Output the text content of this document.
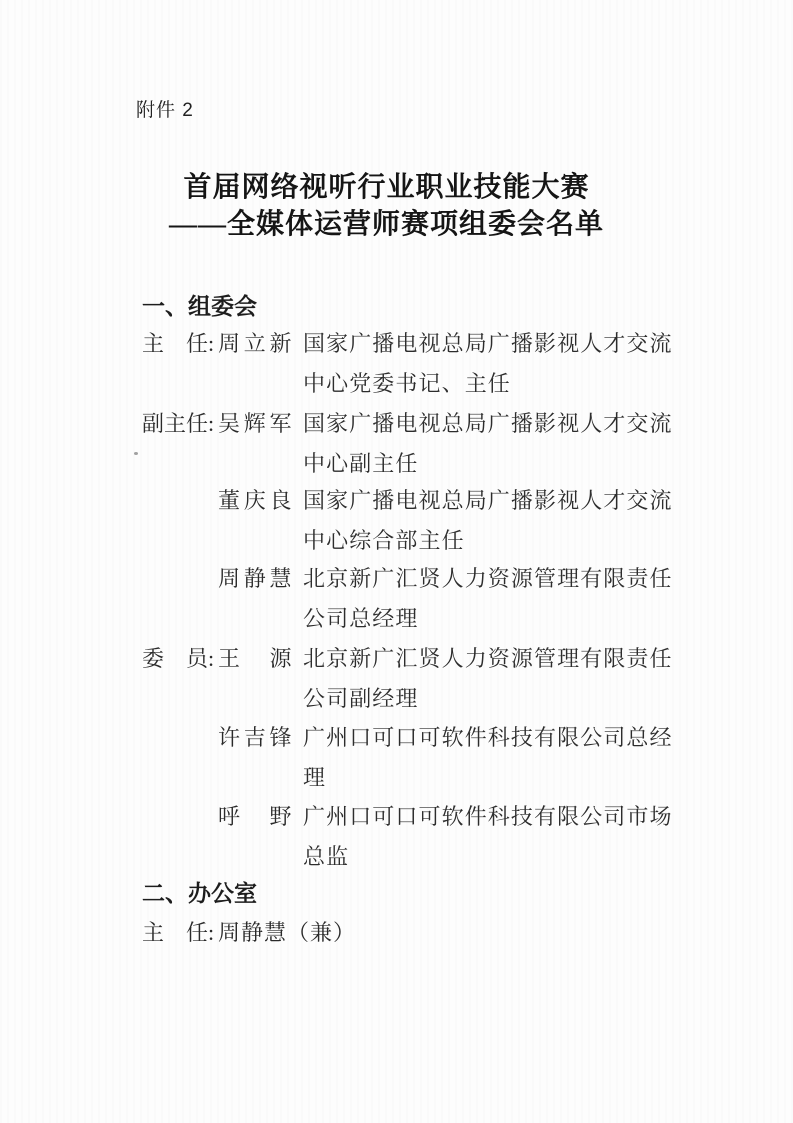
附件 2
首届网络视听行业职业技能大赛
——全媒体运营师赛项组委会名单
一、组委会
主任: 周立新 国家广播电视总局广播影视人才交流中心党委书记、主任
副主任: 吴辉军 国家广播电视总局广播影视人才交流中心副主任
董庆良 国家广播电视总局广播影视人才交流中心综合部主任
周静慧 北京新广汇贤人力资源管理有限责任公司总经理
委员: 王源 北京新广汇贤人力资源管理有限责任公司副经理
许吉锋 广州口可口可软件科技有限公司总经理
呼野 广州口可口可软件科技有限公司市场总监
二、办公室
主任: 周静慧（兼）
